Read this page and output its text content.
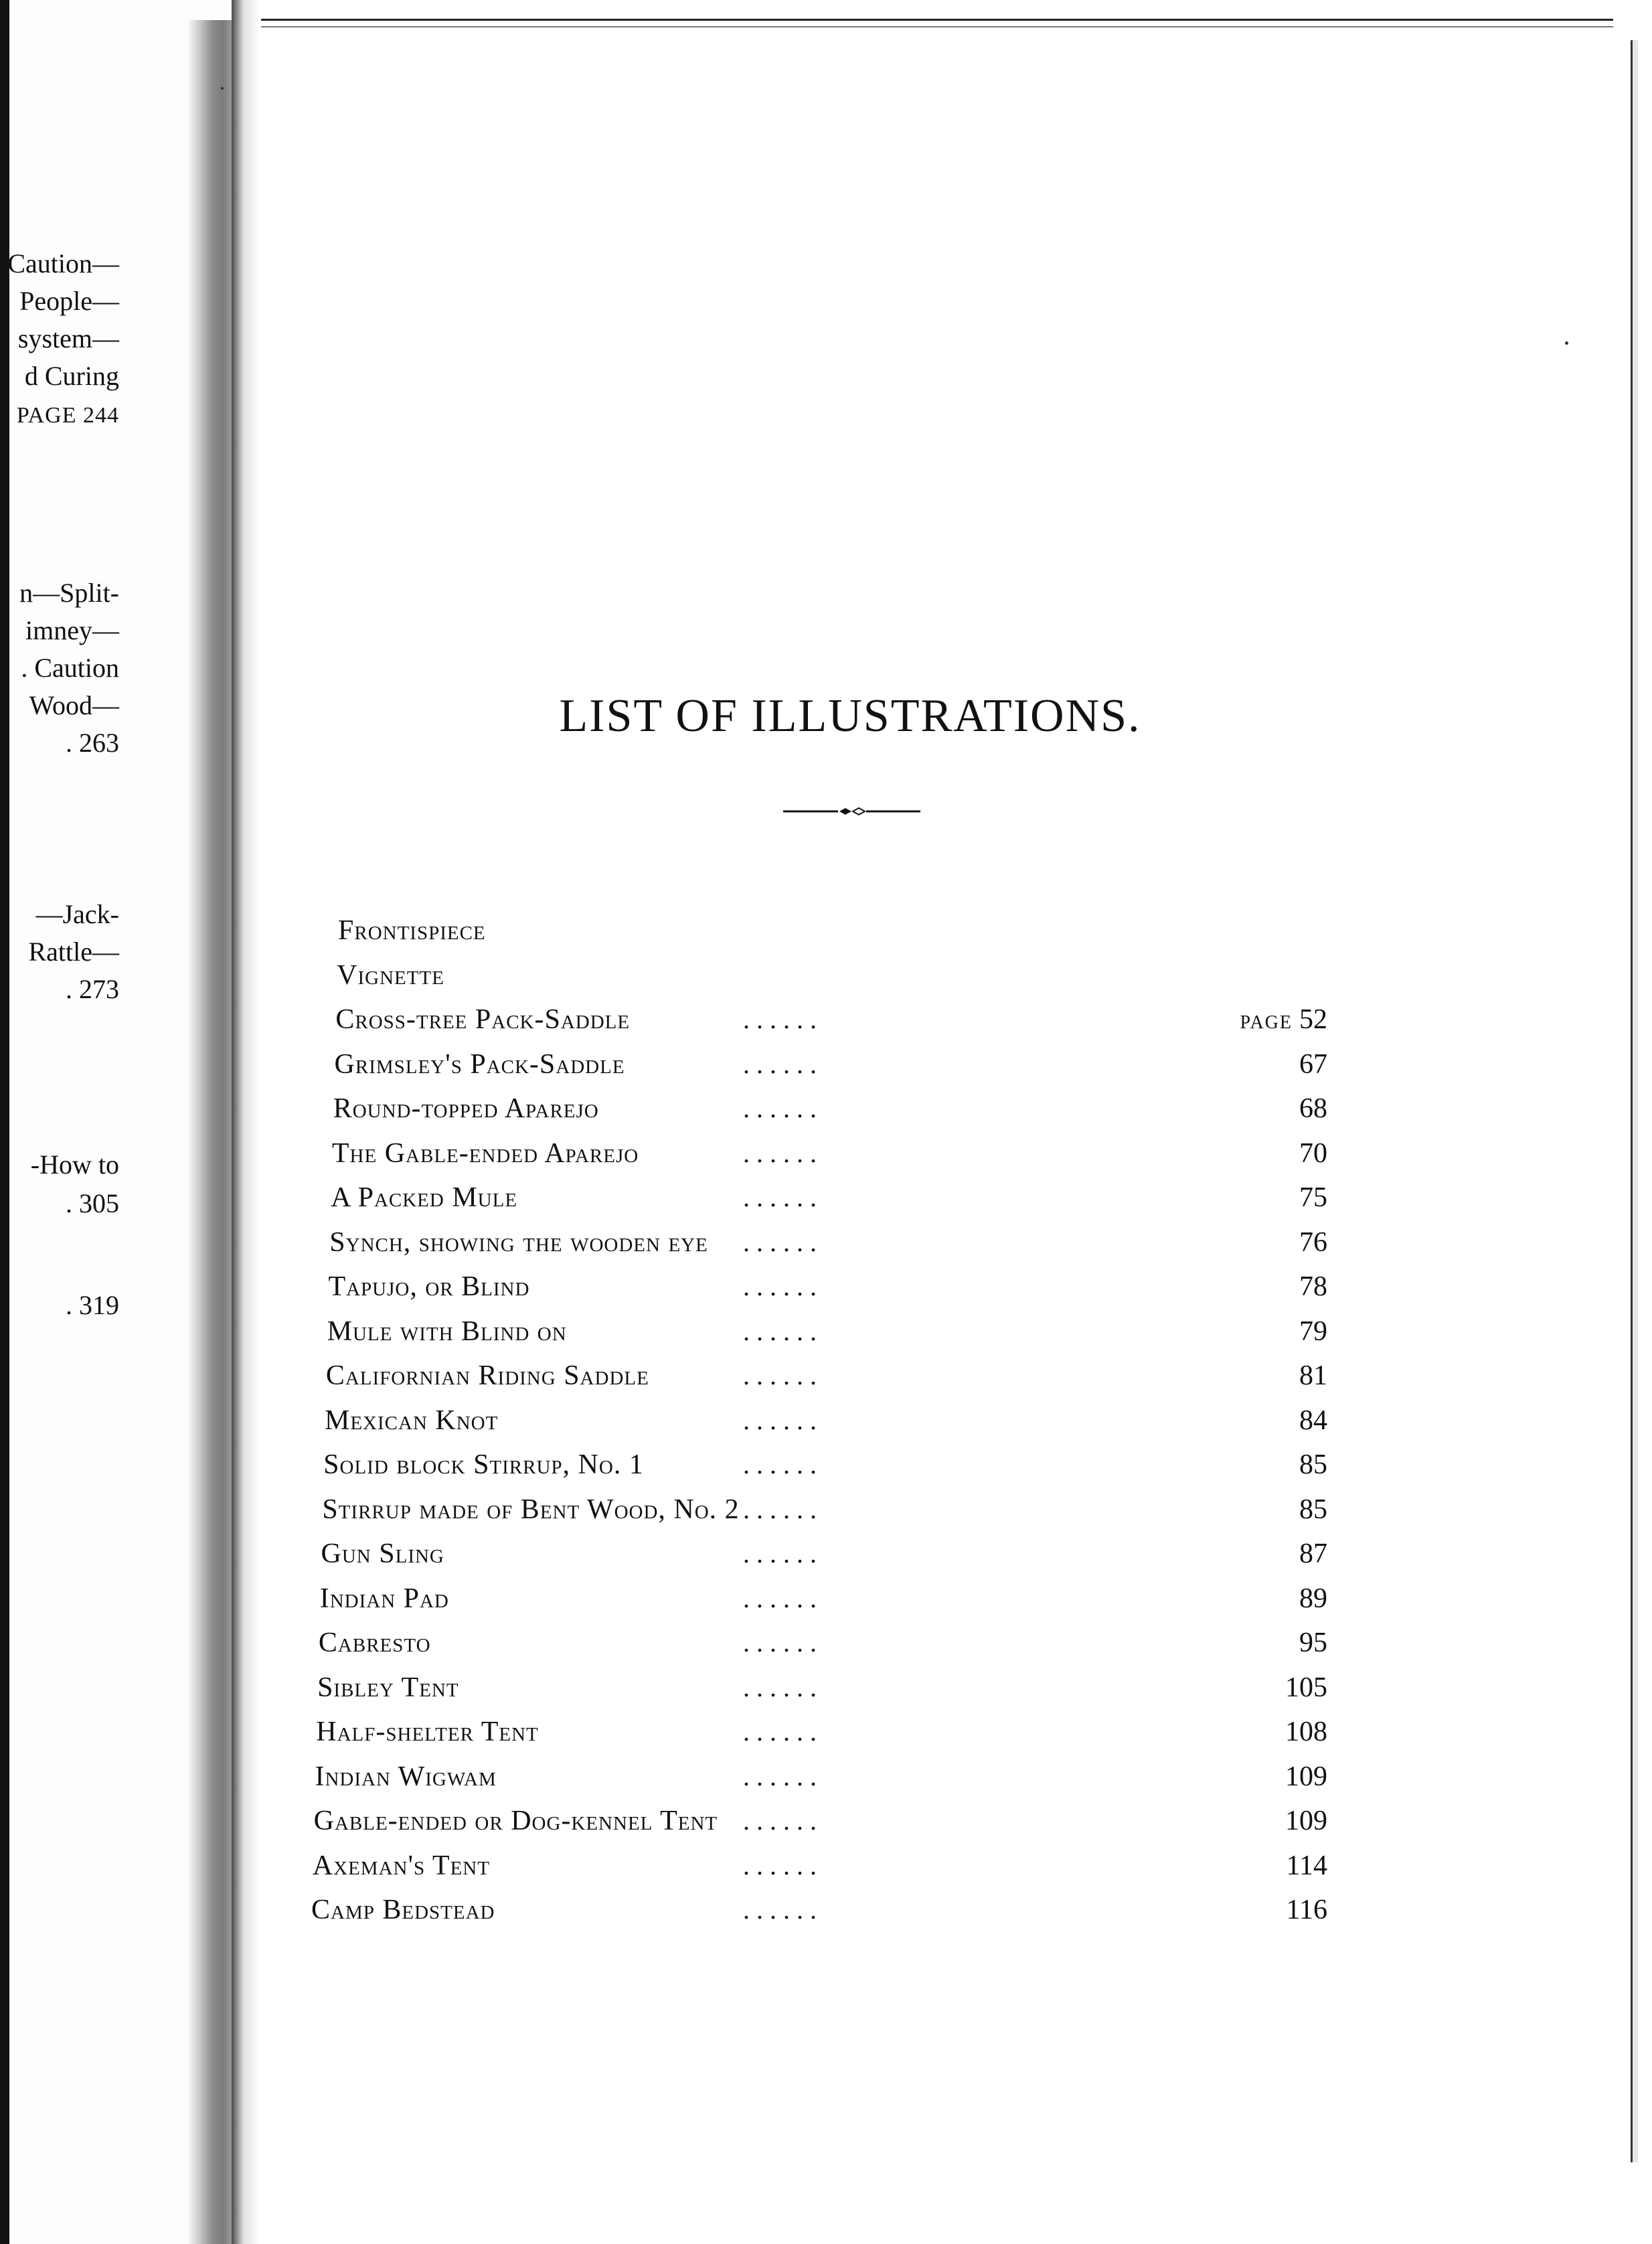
Caution—
People—
system—
d Curing
PAGE 244
n—Split-
imney—
. Caution
Wood—
. 263
—Jack-
Rattle—
. 273
-How to
. 305
. 319
LIST OF ILLUSTRATIONS.
Frontispiece
Vignette
Cross-tree Pack-Saddle	. . . . . .	PAGE 52
Grimsley's Pack-Saddle	. . . . . .	67
Round-topped Aparejo	. . . . . .	68
The Gable-ended Aparejo	. . . . . .	70
A Packed Mule	. . . . . .	75
Synch, showing the wooden eye . . . . . .	76
Tapujo, or Blind	. . . . . .	78
Mule with Blind on	. . . . . .	79
Californian Riding Saddle	. . . . . .	81
Mexican Knot	. . . . . .	84
Solid block Stirrup, No. 1	. . . . . .	85
Stirrup made of Bent Wood, No. 2 . . . . . .	85
Gun Sling	. . . . . .	87
Indian Pad	. . . . . .	89
Cabresto	. . . . . .	95
Sibley Tent	. . . . . .	105
Half-shelter Tent	. . . . . .	108
Indian Wigwam	. . . . . .	109
Gable-ended or Dog-kennel Tent . . . . . .	109
Axeman's Tent	. . . . . .	114
Camp Bedstead	. . . . . .	116
